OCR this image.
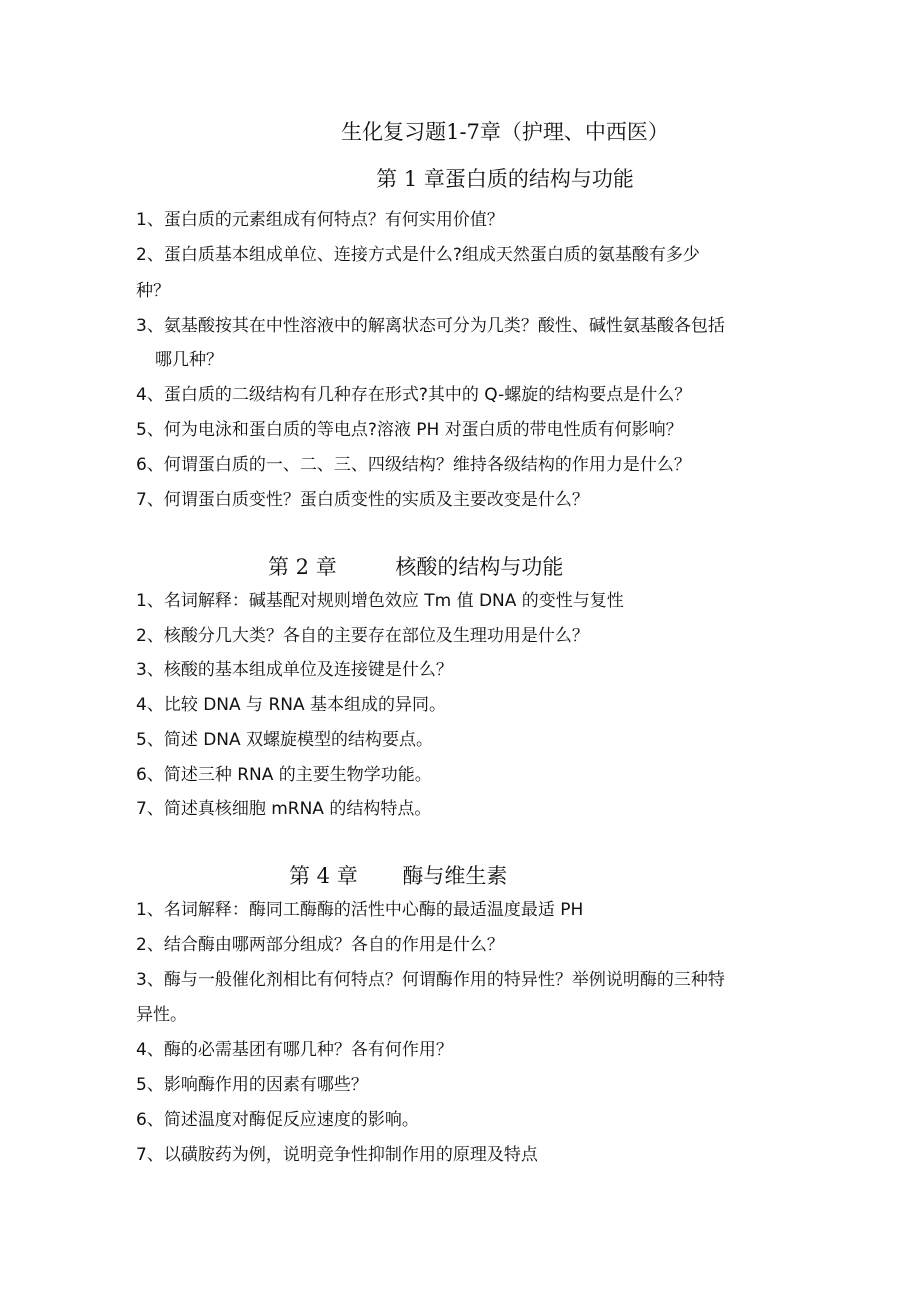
生化复习题1-7章（护理、中西医）
第 1 章蛋白质的结构与功能
1、蛋白质的元素组成有何特点？有何实用价值？
2、蛋白质基本组成单位、连接方式是什么?组成天然蛋白质的氨基酸有多少
种？
3、氨基酸按其在中性溶液中的解离状态可分为几类？酸性、碱性氨基酸各包括
哪几种？
4、蛋白质的二级结构有几种存在形式?其中的 Q-螺旋的结构要点是什么？
5、何为电泳和蛋白质的等电点?溶液 PH 对蛋白质的带电性质有何影响？
6、何谓蛋白质的一、二、三、四级结构？维持各级结构的作用力是什么？
7、何谓蛋白质变性？蛋白质变性的实质及主要改变是什么？
第 2 章	核酸的结构与功能
1、名词解释：碱基配对规则增色效应 Tm 值 DNA 的变性与复性
2、核酸分几大类？各自的主要存在部位及生理功用是什么？
3、核酸的基本组成单位及连接键是什么？
4、比较 DNA 与 RNA 基本组成的异同。
5、简述 DNA 双螺旋模型的结构要点。
6、简述三种 RNA 的主要生物学功能。
7、简述真核细胞 mRNA 的结构特点。
第 4 章 酶与维生素
1、名词解释：酶同工酶酶的活性中心酶的最适温度最适 PH
2、结合酶由哪两部分组成？各自的作用是什么？
3、酶与一般催化剂相比有何特点？何谓酶作用的特异性？举例说明酶的三种特
异性。
4、酶的必需基团有哪几种？各有何作用？
5、影响酶作用的因素有哪些？
6、简述温度对酶促反应速度的影响。
7、以磺胺药为例，说明竞争性抑制作用的原理及特点
